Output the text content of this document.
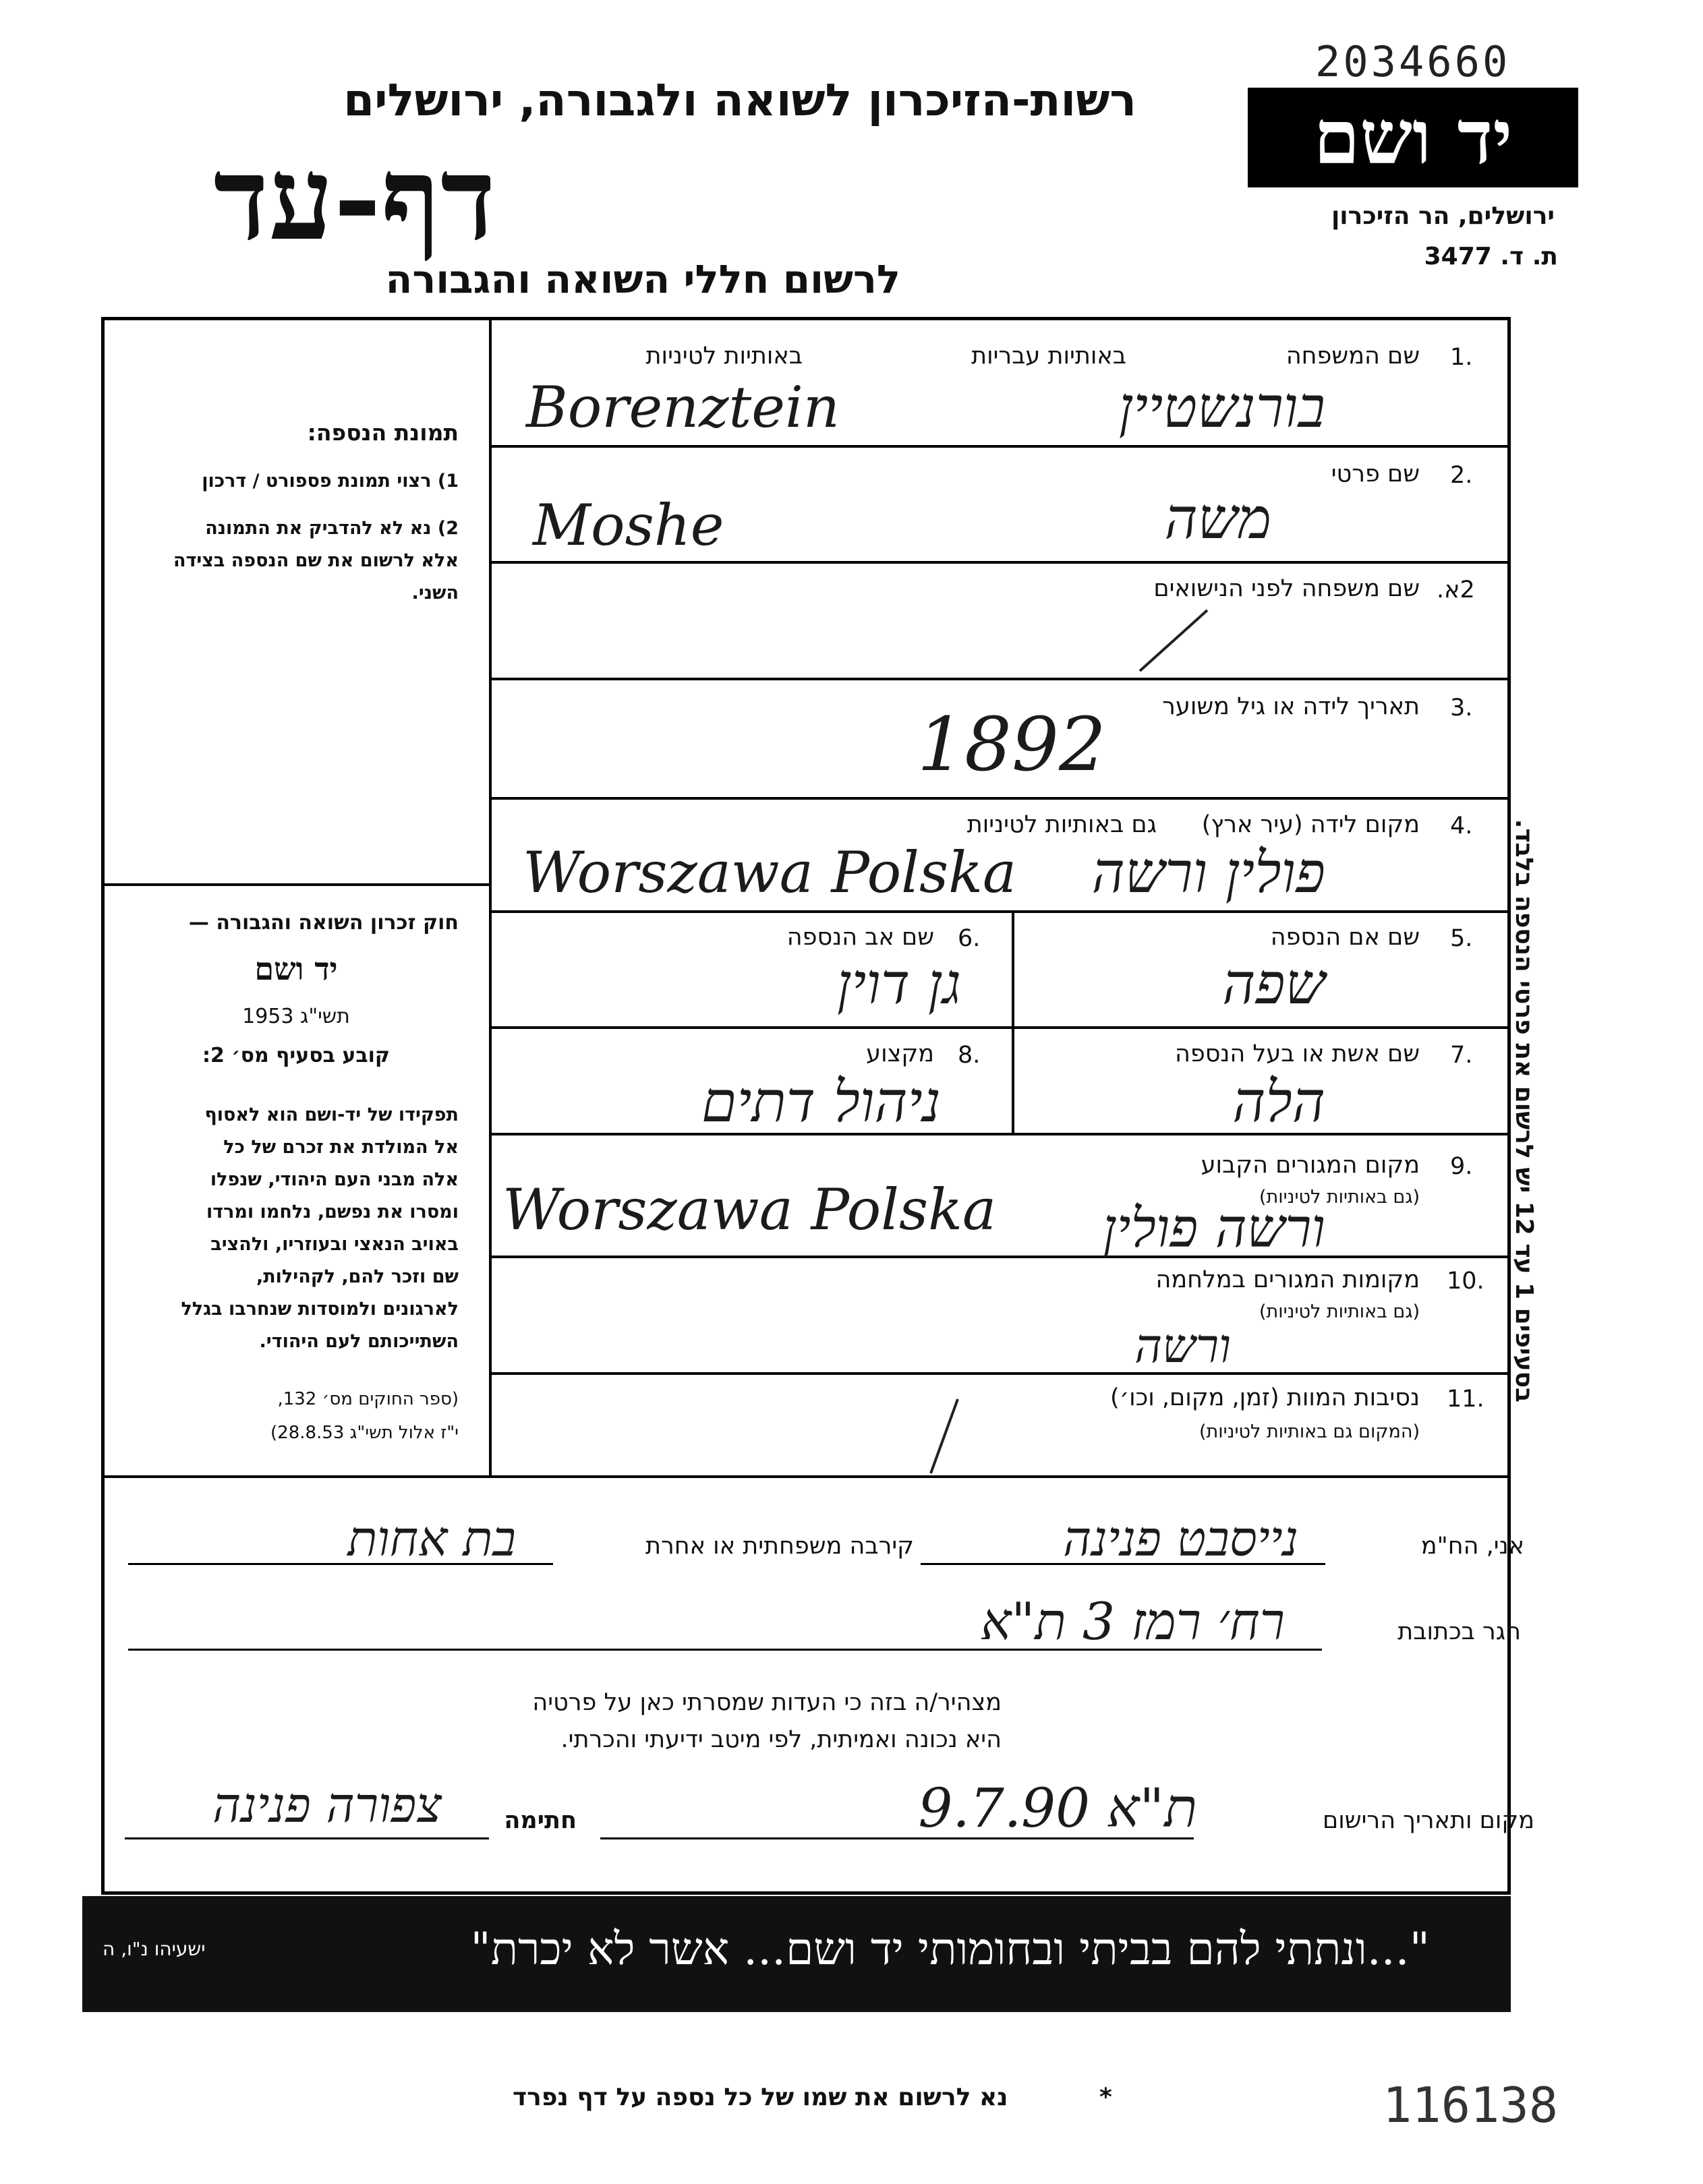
2034660
יד ושם
רשות-הזיכרון לשואה ולגבורה, ירושלים
דף-עד
לרשום חללי השואה והגבורה
ירושלים, הר הזיכרון
ת. ד. 3477
תמונת הנספה:
1) רצוי תמונת פספורט / דרכון
2) נא לא להדביק את התמונה
אלא לרשום את שם הנספה בצידה
השני.
חוק זכרון השואה והגבורה —
יד ושם
תשי"ג 1953
קובע בסעיף מס׳ 2:
תפקידו של יד-ושם הוא לאסוף
אל המולדת את זכרם של כל
אלה מבני העם היהודי, שנפלו
ומסרו את נפשם, נלחמו ומרדו
באויב הנאצי ובעוזריו, ולהציב
שם וזכר להם, לקהילות,
לארגונים ולמוסדות שנחרבו בגלל
השתייכותם לעם היהודי.
(ספר החוקים מס׳ 132,
י"ז אלול תשי"ג 28.8.53)
בסעיפים 1 עד 12 יש לרשום את פרטי הנספה בלבד.
1.
שם המשפחה
באותיות עבריות
באותיות לטיניות
בורנשטיין
Borenztein
2.
שם פרטי
משה
Moshe
2א.
שם משפחה לפני הנישואים
3.
תאריך לידה או גיל משוער
1892
4.
מקום לידה (עיר ארץ)
גם באותיות לטיניות
פולין ורשה
Worszawa Polska
5.
שם אם הנספה
שפה
6.
שם אב הנספה
גן דוין
7.
שם אשת או בעל הנספה
הלה
8.
מקצוע
ניהול דתים
9.
מקום המגורים הקבוע
(גם באותיות לטיניות)
ורשה פולין
Worszawa Polska
10.
מקומות המגורים במלחמה
(גם באותיות לטיניות)
ורשה
11.
נסיבות המוות (זמן, מקום, וכו׳)
(המקום גם באותיות לטיניות)
אני, הח"מ
נייסבט פנינה
קירבה משפחתית או אחרת
בת אחות
הגר בכתובת
רח׳ רמז 3 ת"א
מצהיר/ה בזה כי העדות שמסרתי כאן על פרטיה
היא נכונה ואמיתית, לפי מיטב ידיעתי והכרתי.
מקום ותאריך הרישום
ת"א 9.7.90
חתימה
צפורה פנינה
"...ונתתי להם בביתי ובחומותי יד ושם... אשר לא יכרת"
ישעיהו נ"ו, ה
נא לרשום את שמו של כל נספה על דף נפרד	*	116138
